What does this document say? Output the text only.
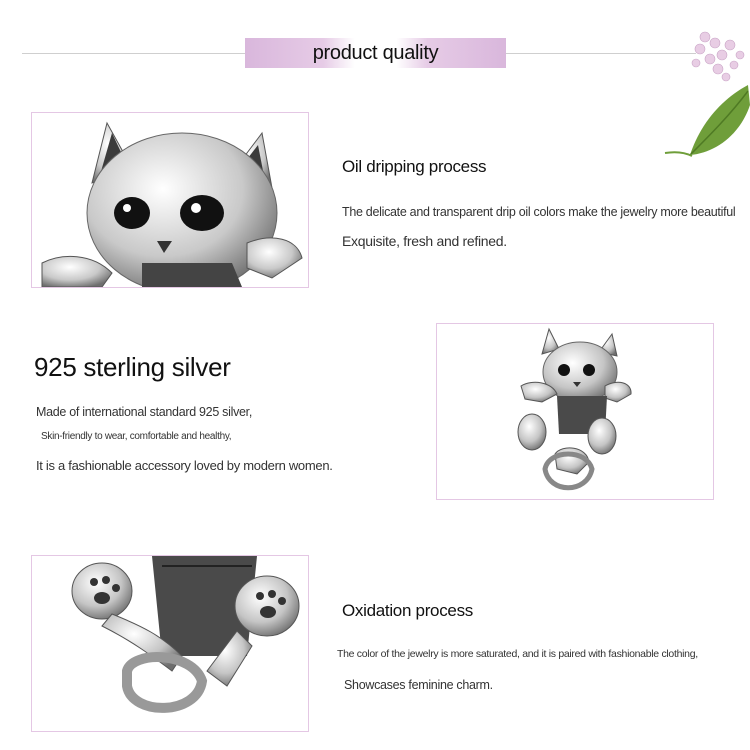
product quality
Oil dripping process
The delicate and transparent drip oil colors make the jewelry more beautiful
Exquisite, fresh and refined.
925 sterling silver
Made of international standard 925 silver,
Skin-friendly to wear, comfortable and healthy,
It is a fashionable accessory loved by modern women.
Oxidation process
The color of the jewelry is more saturated, and it is paired with fashionable clothing,
Showcases feminine charm.
